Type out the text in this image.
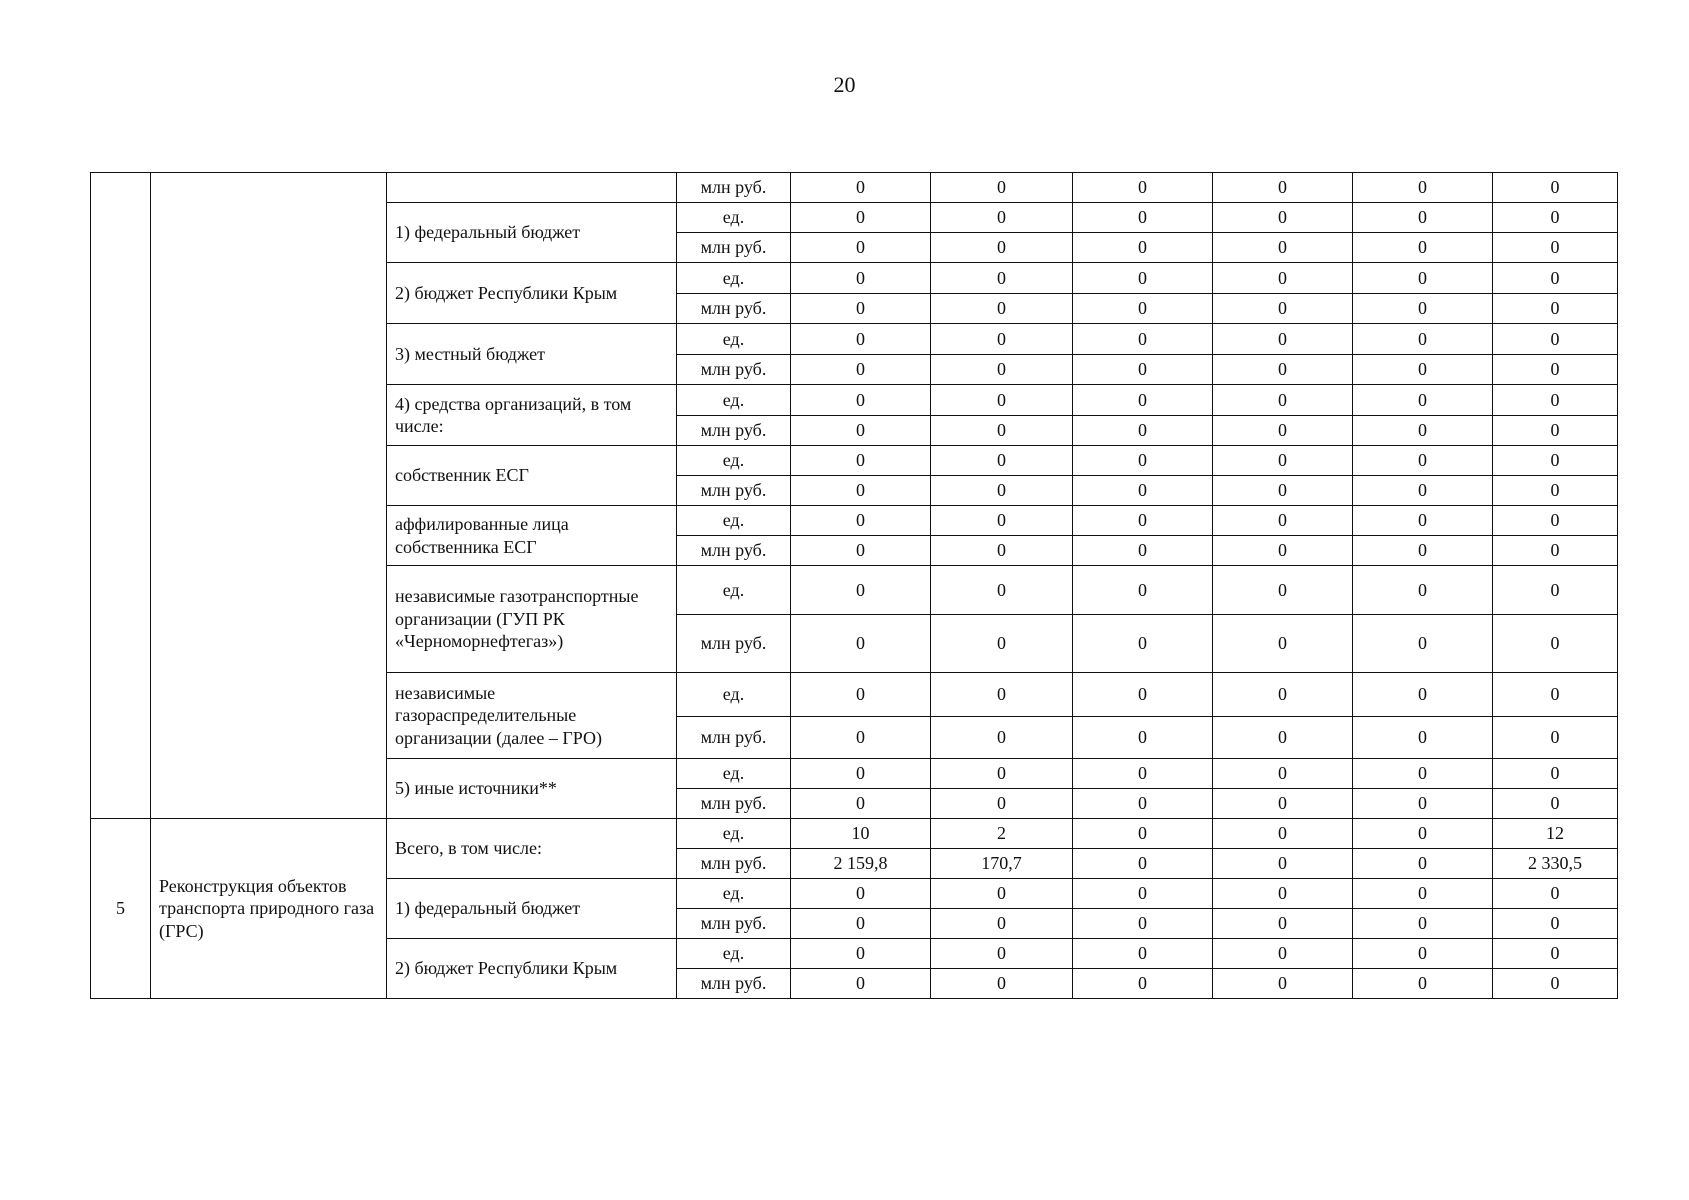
20
			млн руб.	0	0	0	0	0	0
		1) федеральный бюджет	ед.	0	0	0	0	0	0
			млн руб.	0	0	0	0	0	0
		2) бюджет Республики Крым	ед.	0	0	0	0	0	0
			млн руб.	0	0	0	0	0	0
		3) местный бюджет	ед.	0	0	0	0	0	0
			млн руб.	0	0	0	0	0	0
		4) средства организаций, в том числе:	ед.	0	0	0	0	0	0
			млн руб.	0	0	0	0	0	0
		собственник ЕСГ	ед.	0	0	0	0	0	0
			млн руб.	0	0	0	0	0	0
		аффилированные лица собственника ЕСГ	ед.	0	0	0	0	0	0
			млн руб.	0	0	0	0	0	0
		независимые газотранспортные организации (ГУП РК «Черноморнефтегаз»)	ед.	0	0	0	0	0	0
			млн руб.	0	0	0	0	0	0
		независимые газораспределительные организации (далее – ГРО)	ед.	0	0	0	0	0	0
			млн руб.	0	0	0	0	0	0
		5) иные источники**	ед.	0	0	0	0	0	0
			млн руб.	0	0	0	0	0	0
5	Реконструкция объектов транспорта природного газа (ГРС)	Всего, в том числе:	ед.	10	2	0	0	0	12
			млн руб.	2 159,8	170,7	0	0	0	2 330,5
		1) федеральный бюджет	ед.	0	0	0	0	0	0
			млн руб.	0	0	0	0	0	0
		2) бюджет Республики Крым	ед.	0	0	0	0	0	0
			млн руб.	0	0	0	0	0	0
